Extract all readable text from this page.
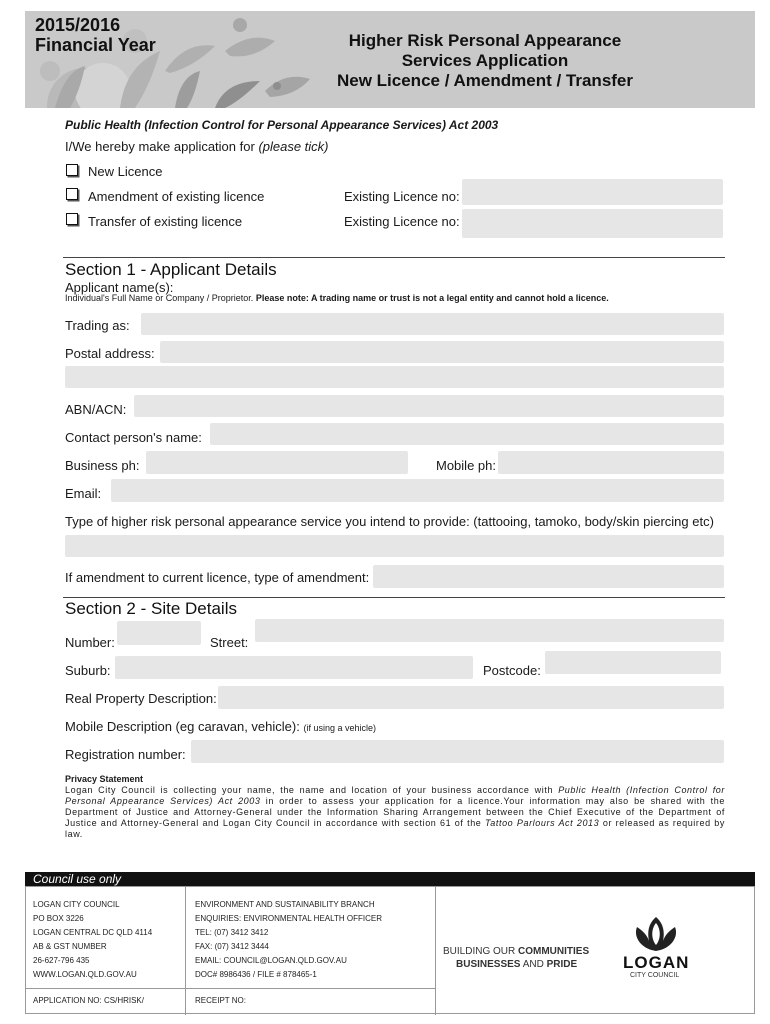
2015/2016
Financial Year	Higher Risk Personal Appearance
Services Application
New Licence / Amendment / Transfer
Public Health (Infection Control for Personal Appearance Services) Act 2003
I/We hereby make application for (please tick)
New Licence
Amendment of existing licence	Existing Licence no:
Transfer of existing licence	Existing Licence no:
Section 1 - Applicant Details
Applicant name(s):
Individual's Full Name or Company / Proprietor. Please note: A trading name or trust is not a legal entity and cannot hold a licence.
Trading as:
Postal address:
ABN/ACN:
Contact person's name:
Business ph:	Mobile ph:
Email:
Type of higher risk personal appearance service you intend to provide: (tattooing, tamoko, body/skin piercing etc)
If amendment to current licence, type of amendment:
Section 2 - Site Details
Number:	Street:
Suburb:	Postcode:
Real Property Description:
Mobile Description (eg caravan, vehicle): (if using a vehicle)
Registration number:
Privacy Statement
Logan City Council is collecting your name, the name and location of your business accordance with Public Health (Infection Control for Personal Appearance Services) Act 2003 in order to assess your application for a licence.Your information may also be shared with the Department of Justice and Attorney-General under the Information Sharing Arrangement between the Chief Executive of the Department of Justice and Attorney-General and Logan City Council in accordance with section 61 of the Tattoo Parlours Act 2013 or released as required by law.
Council use only
LOGAN CITY COUNCIL
PO BOX 3226
LOGAN CENTRAL DC QLD 4114
AB & GST NUMBER
26-627-796 435
WWW.LOGAN.QLD.GOV.AU
ENVIRONMENT AND SUSTAINABILITY BRANCH
ENQUIRIES: ENVIRONMENTAL HEALTH OFFICER
TEL: (07) 3412 3412
FAX: (07) 3412 3444
EMAIL: COUNCIL@LOGAN.QLD.GOV.AU
DOC# 8986436 / FILE # 878465-1
APPLICATION NO: CS/HRISK/	RECEIPT NO:
BUILDING OUR COMMUNITIES
BUSINESSES AND PRIDE	LOGAN
CITY COUNCIL
